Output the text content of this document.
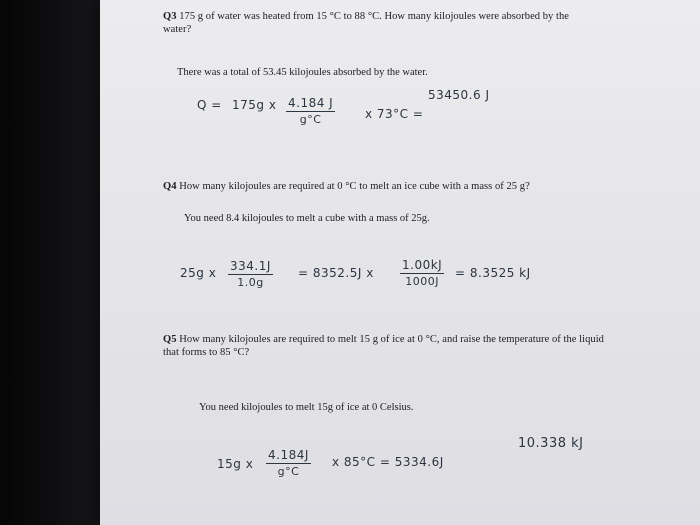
Q3 175 g of water was heated from 15 °C to 88 °C. How many kilojoules were absorbed by the water?
There was a total of 53.45 kilojoules absorbed by the water.
Q = 175g x $\frac{4.184 J}{g^\circ C}$ x 73°C =
53450.6 J
Q4 How many kilojoules are required at 0 °C to melt an ice cube with a mass of 25 g?
You need 8.4 kilojoules to melt a cube with a mass of 25g.
25g x $\frac{334.1J}{1.0g} = 8352.5J$ x $\frac{1.00kJ}{1000J} = 8.3525$ kJ
Q5 How many kilojoules are required to melt 15 g of ice at 0 °C, and raise the temperature of the liquid that forms to 85 °C?
You need kilojoules to melt 15g of ice at 0 Celsius.
15g x $\frac{4.184J}{g^\circ C}$ x 85°C = 5334.6J
10.338 kJ
